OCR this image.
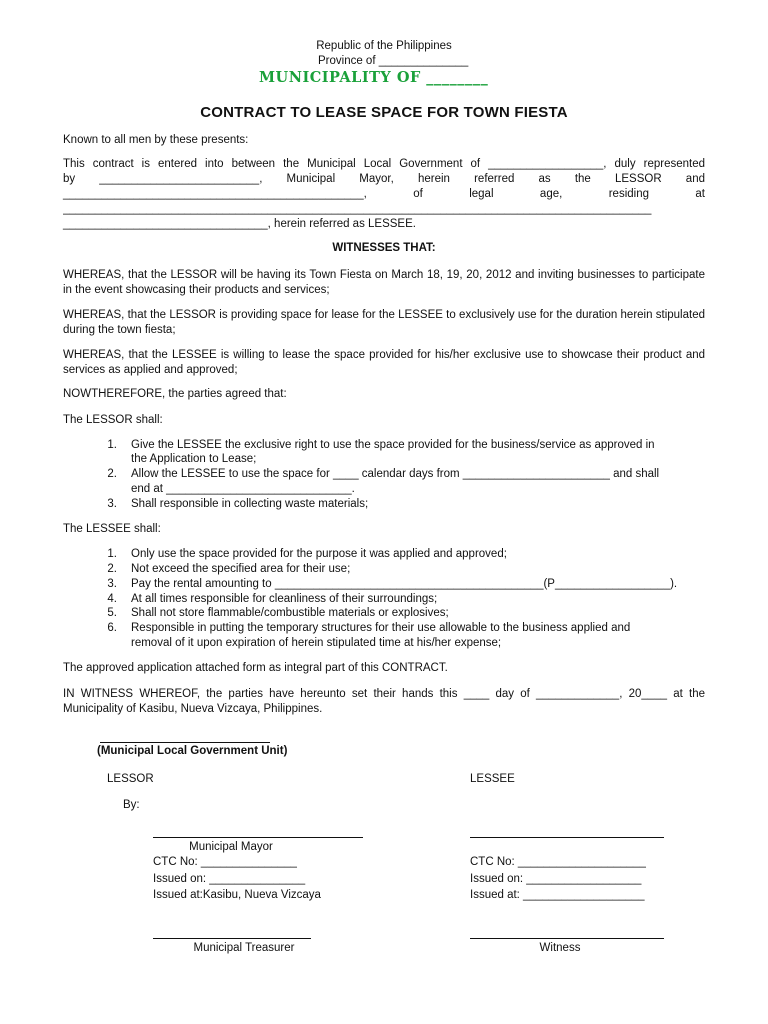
Republic of the Philippines
Province of ______________
MUNICIPALITY OF ________
CONTRACT TO LEASE SPACE FOR TOWN FIESTA
Known to all men by these presents:
This contract is entered into between the Municipal Local Government of __________________, duly represented
by _________________________, Municipal Mayor, herein referred as the LESSOR and
_______________________________________________, of legal age, residing at
____________________________________________________________________________________________
________________________________, herein referred as LESSEE.
WITNESSES THAT:
WHEREAS, that the LESSOR will be having its Town Fiesta on March 18, 19, 20, 2012 and inviting businesses to participate in the event showcasing their products and services;
WHEREAS, that the LESSOR is providing space for lease for the LESSEE to exclusively use for the duration herein stipulated during the town fiesta;
WHEREAS, that the LESSEE is willing to lease the space provided for his/her exclusive use to showcase their product and services as applied and approved;
NOWTHEREFORE, the parties agreed that:
The LESSOR shall:
1. Give the LESSEE the exclusive right to use the space provided for the business/service as approved in
the Application to Lease;
2. Allow the LESSEE to use the space for ____ calendar days from _______________________ and shall
end at _____________________________.
3. Shall responsible in collecting waste materials;
The LESSEE shall:
1. Only use the space provided for the purpose it was applied and approved;
2. Not exceed the specified area for their use;
3. Pay the rental amounting to __________________________________________(P__________________).
4. At all times responsible for cleanliness of their surroundings;
5. Shall not store flammable/combustible materials or explosives;
6. Responsible in putting the temporary structures for their use allowable to the business applied and
removal of it upon expiration of herein stipulated time at his/her expense;
The approved application attached form as integral part of this CONTRACT.
IN WITNESS WHEREOF, the parties have hereunto set their hands this ____ day of _____________, 20____ at the
Municipality of Kasibu, Nueva Vizcaya, Philippines.
(Municipal Local Government Unit)
LESSOR	LESSEE
By:
Municipal Mayor
CTC No: _______________	CTC No: ____________________
Issued on: _______________	Issued on: __________________
Issued at:Kasibu, Nueva Vizcaya	Issued at: ___________________
Municipal Treasurer	Witness
